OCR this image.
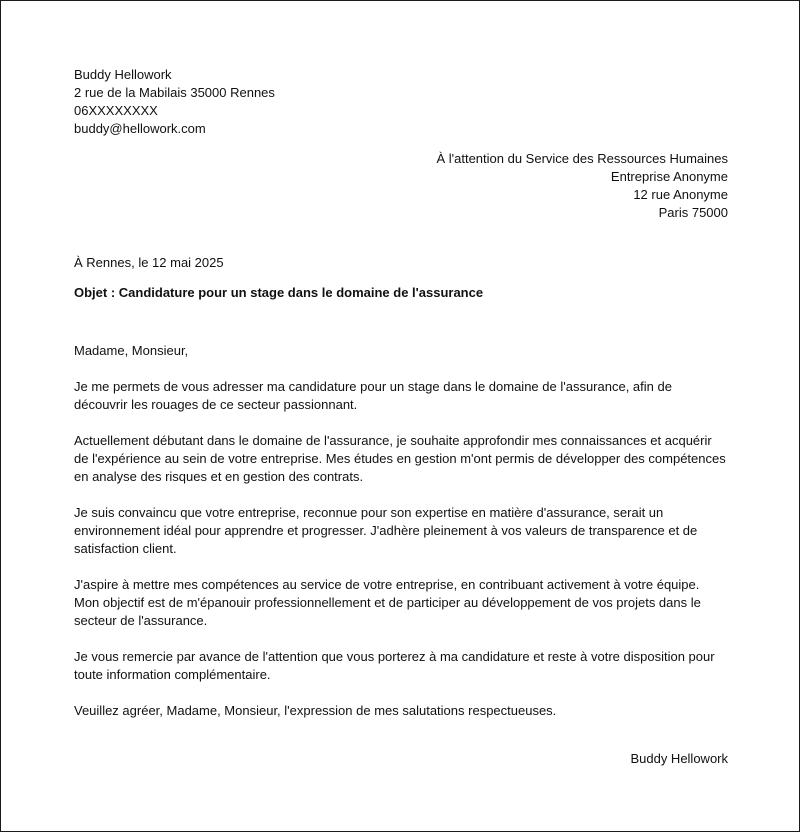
Buddy Hellowork
2 rue de la Mabilais 35000 Rennes
06XXXXXXXX
buddy@hellowork.com
À l'attention du Service des Ressources Humaines
Entreprise Anonyme
12 rue Anonyme
Paris 75000
À Rennes, le 12 mai 2025
Objet : Candidature pour un stage dans le domaine de l'assurance
Madame, Monsieur,

Je me permets de vous adresser ma candidature pour un stage dans le domaine de l'assurance, afin de découvrir les rouages de ce secteur passionnant.

Actuellement débutant dans le domaine de l'assurance, je souhaite approfondir mes connaissances et acquérir de l'expérience au sein de votre entreprise. Mes études en gestion m'ont permis de développer des compétences en analyse des risques et en gestion des contrats.

Je suis convaincu que votre entreprise, reconnue pour son expertise en matière d'assurance, serait un environnement idéal pour apprendre et progresser. J'adhère pleinement à vos valeurs de transparence et de satisfaction client.

J'aspire à mettre mes compétences au service de votre entreprise, en contribuant activement à votre équipe. Mon objectif est de m'épanouir professionnellement et de participer au développement de vos projets dans le secteur de l'assurance.

Je vous remercie par avance de l'attention que vous porterez à ma candidature et reste à votre disposition pour toute information complémentaire.

Veuillez agréer, Madame, Monsieur, l'expression de mes salutations respectueuses.

Buddy Hellowork
